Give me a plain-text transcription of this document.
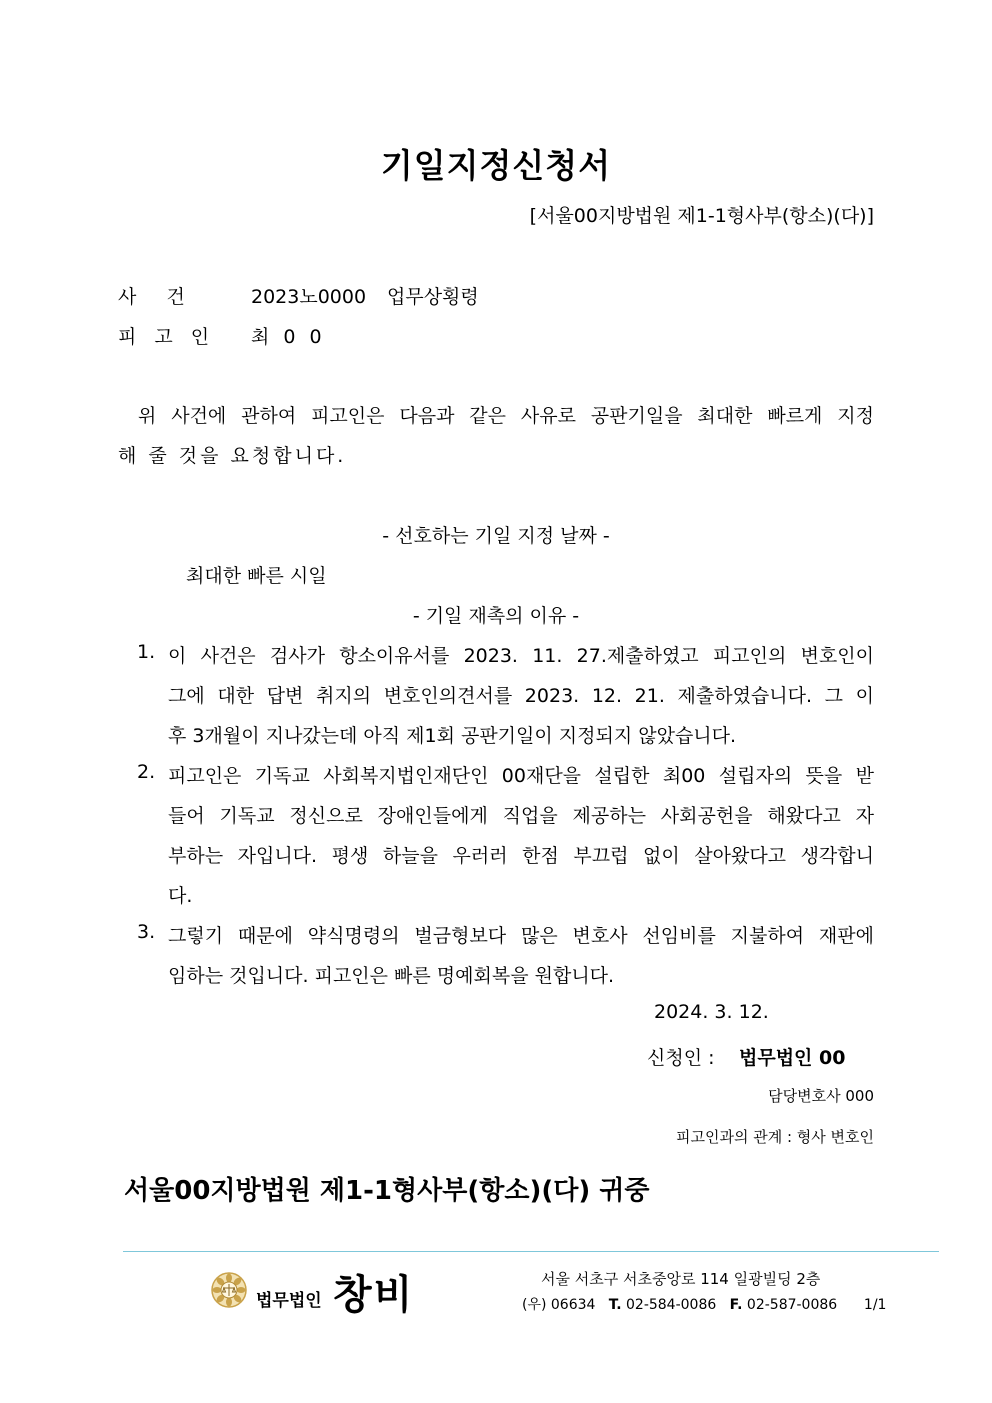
기일지정신청서
[서울00지방법원 제1-1형사부(항소)(다)]
사     건	2023노0000 업무상횡령
피 고 인 최 0 0
위 사건에 관하여 피고인은 다음과 같은 사유로 공판기일을 최대한 빠르게 지정
해 줄 것을 요청합니다.
- 선호하는 기일 지정 날짜 -
최대한 빠른 시일
- 기일 재촉의 이유 -
1. 이 사건은 검사가 항소이유서를 2023. 11. 27.제출하였고 피고인의 변호인이
그에 대한 답변 취지의 변호인의견서를 2023. 12. 21. 제출하였습니다. 그 이
후 3개월이 지나갔는데 아직 제1회 공판기일이 지정되지 않았습니다.
2. 피고인은 기독교 사회복지법인재단인 00재단을 설립한 최00 설립자의 뜻을 받
들어 기독교 정신으로 장애인들에게 직업을 제공하는 사회공헌을 해왔다고 자
부하는 자입니다. 평생 하늘을 우러러 한점 부끄럽 없이 살아왔다고 생각합니
다.
3. 그렇기 때문에 약식명령의 벌금형보다 많은 변호사 선임비를 지불하여 재판에
임하는 것입니다. 피고인은 빠른 명예회복을 원합니다.
2024. 3. 12.
신청인 : 법무법인 00
담당변호사 000
피고인과의 관계 : 형사 변호인
서울00지방법원 제1-1형사부(항소)(다) 귀중
법무법인 창비	서울 서초구 서초중앙로 114 일광빌딩 2층
(우) 06634 T. 02-584-0086 F. 02-587-0086 1/1
